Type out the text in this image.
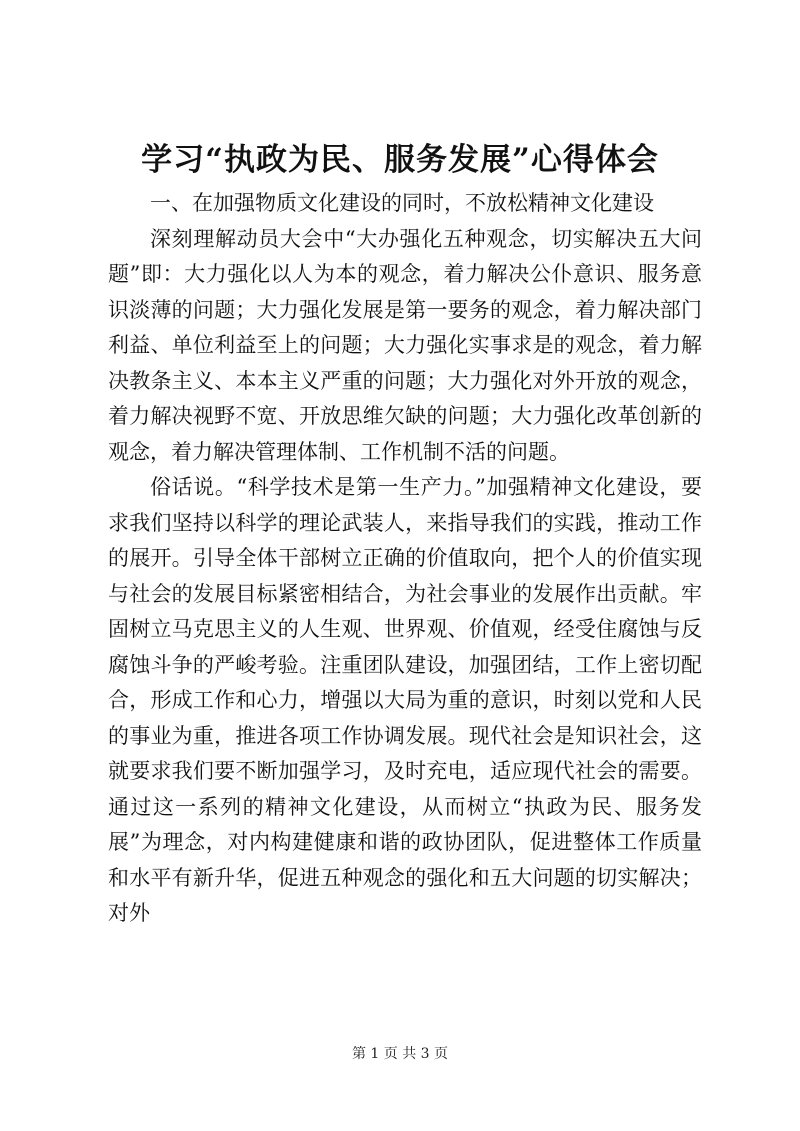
学习“执政为民、服务发展”心得体会

一、在加强物质文化建设的同时，不放松精神文化建设

深刻理解动员大会中“大办强化五种观念，切实解决五大问题”即：大力强化以人为本的观念，着力解决公仆意识、服务意识淡薄的问题；大力强化发展是第一要务的观念，着力解决部门利益、单位利益至上的问题；大力强化实事求是的观念，着力解决教条主义、本本主义严重的问题；大力强化对外开放的观念，着力解决视野不宽、开放思维欠缺的问题；大力强化改革创新的观念，着力解决管理体制、工作机制不活的问题。

俗话说。“科学技术是第一生产力。”加强精神文化建设，要求我们坚持以科学的理论武装人，来指导我们的实践，推动工作的展开。引导全体干部树立正确的价值取向，把个人的价值实现与社会的发展目标紧密相结合，为社会事业的发展作出贡献。牢固树立马克思主义的人生观、世界观、价值观，经受住腐蚀与反腐蚀斗争的严峻考验。注重团队建设，加强团结，工作上密切配合，形成工作和心力，增强以大局为重的意识，时刻以党和人民的事业为重，推进各项工作协调发展。现代社会是知识社会，这就要求我们要不断加强学习，及时充电，适应现代社会的需要。通过这一系列的精神文化建设，从而树立“执政为民、服务发展”为理念，对内构建健康和谐的政协团队，促进整体工作质量和水平有新升华，促进五种观念的强化和五大问题的切实解决；对外

第 1 页 共 3 页
